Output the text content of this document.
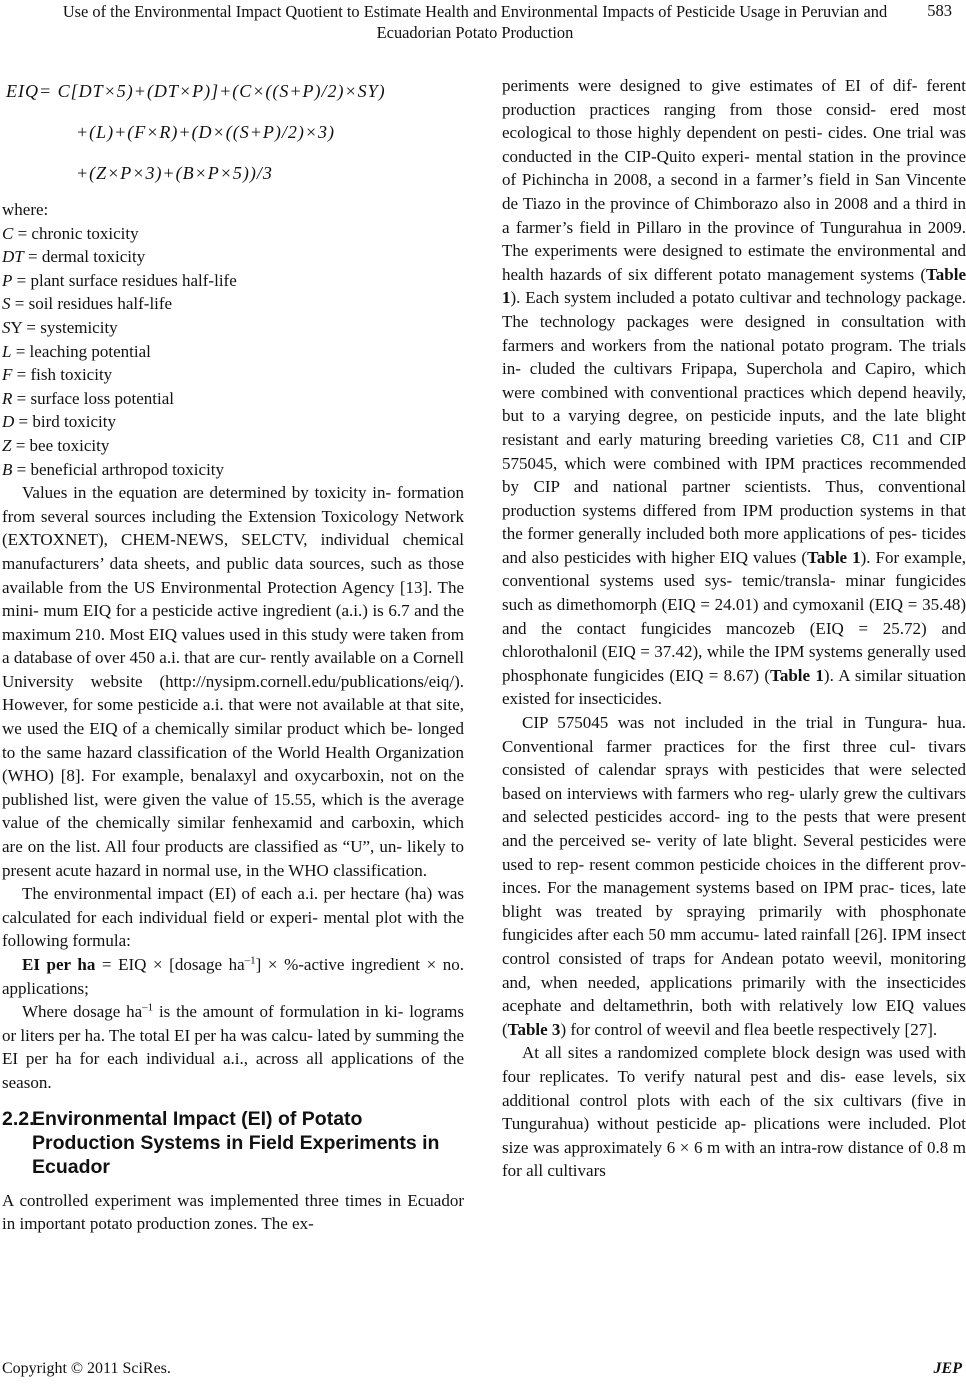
Use of the Environmental Impact Quotient to Estimate Health and Environmental Impacts of Pesticide Usage in Peruvian and Ecuadorian Potato Production
583
EIQ= C[DT×5)+(DT×P)]+(C×((S+P)/2)×SY)
+(L)+(F×R)+(D×((S+P)/2)×3)
+(Z×P×3)+(B×P×5))/3

where:

C = chronic toxicity

DT = dermal toxicity

P = plant surface residues half-life

S = soil residues half-life

SY = systemicity

L = leaching potential

F = fish toxicity

R = surface loss potential

D = bird toxicity

Z = bee toxicity

B = beneficial arthropod toxicity

Values in the equation are determined by toxicity in- formation from several sources including the Extension Toxicology Network (EXTOXNET), CHEM-NEWS, SELCTV, individual chemical manufacturers’ data sheets, and public data sources, such as those available from the US Environmental Protection Agency [13]. The mini- mum EIQ for a pesticide active ingredient (a.i.) is 6.7 and the maximum 210. Most EIQ values used in this study were taken from a database of over 450 a.i. that are cur- rently available on a Cornell University website (http://nysipm.cornell.edu/publications/eiq/). However, for some pesticide a.i. that were not available at that site, we used the EIQ of a chemically similar product which be- longed to the same hazard classification of the World Health Organization (WHO) [8]. For example, benalaxyl and oxycarboxin, not on the published list, were given the value of 15.55, which is the average value of the chemically similar fenhexamid and carboxin, which are on the list. All four products are classified as “U”, un- likely to present acute hazard in normal use, in the WHO classification.

The environmental impact (EI) of each a.i. per hectare (ha) was calculated for each individual field or experi- mental plot with the following formula:

EI per ha = EIQ × [dosage $ha^{-1}$] × %-active ingredient × no. applications;

Where dosage $ha^{-1}$ is the amount of formulation in ki- lograms or liters per ha. The total EI per ha was calcu- lated by summing the EI per ha for each individual a.i., across all applications of the season.

2.2.Environmental Impact (EI) of Potato Production Systems in Field Experiments in Ecuador

A controlled experiment was implemented three times in Ecuador in important potato production zones. The ex-

periments were designed to give estimates of EI of dif- ferent production practices ranging from those consid- ered most ecological to those highly dependent on pesti- cides. One trial was conducted in the CIP-Quito experi- mental station in the province of Pichincha in 2008, a second in a farmer’s field in San Vincente de Tiazo in the province of Chimborazo also in 2008 and a third in a farmer’s field in Pillaro in the province of Tungurahua in 2009. The experiments were designed to estimate the environmental and health hazards of six different potato management systems (Table 1). Each system included a potato cultivar and technology package. The technology packages were designed in consultation with farmers and workers from the national potato program. The trials in- cluded the cultivars Fripapa, Superchola and Capiro, which were combined with conventional practices which depend heavily, but to a varying degree, on pesticide inputs, and the late blight resistant and early maturing breeding varieties C8, C11 and CIP 575045, which were combined with IPM practices recommended by CIP and national partner scientists. Thus, conventional production systems differed from IPM production systems in that the former generally included both more applications of pes- ticides and also pesticides with higher EIQ values (Table 1). For example, conventional systems used sys- temic/transla- minar fungicides such as dimethomorph (EIQ = 24.01) and cymoxanil (EIQ = 35.48) and the contact fungicides mancozeb (EIQ = 25.72) and chlorothalonil (EIQ = 37.42), while the IPM systems generally used phosphonate fungicides (EIQ = 8.67) (Table 1). A similar situation existed for insecticides.

CIP 575045 was not included in the trial in Tungura- hua. Conventional farmer practices for the first three cul- tivars consisted of calendar sprays with pesticides that were selected based on interviews with farmers who reg- ularly grew the cultivars and selected pesticides accord- ing to the pests that were present and the perceived se- verity of late blight. Several pesticides were used to rep- resent common pesticide choices in the different prov- inces. For the management systems based on IPM prac- tices, late blight was treated by spraying primarily with phosphonate fungicides after each 50 mm accumu- lated rainfall [26]. IPM insect control consisted of traps for Andean potato weevil, monitoring and, when needed, applications primarily with the insecticides acephate and deltamethrin, both with relatively low EIQ values (Table 3) for control of weevil and flea beetle respectively [27].

At all sites a randomized complete block design was used with four replicates. To verify natural pest and dis- ease levels, six additional control plots with each of the six cultivars (five in Tungurahua) without pesticide ap- plications were included. Plot size was approximately 6 × 6 m with an intra-row distance of 0.8 m for all cultivars

Copyright © 2011 SciRes.	JEP
